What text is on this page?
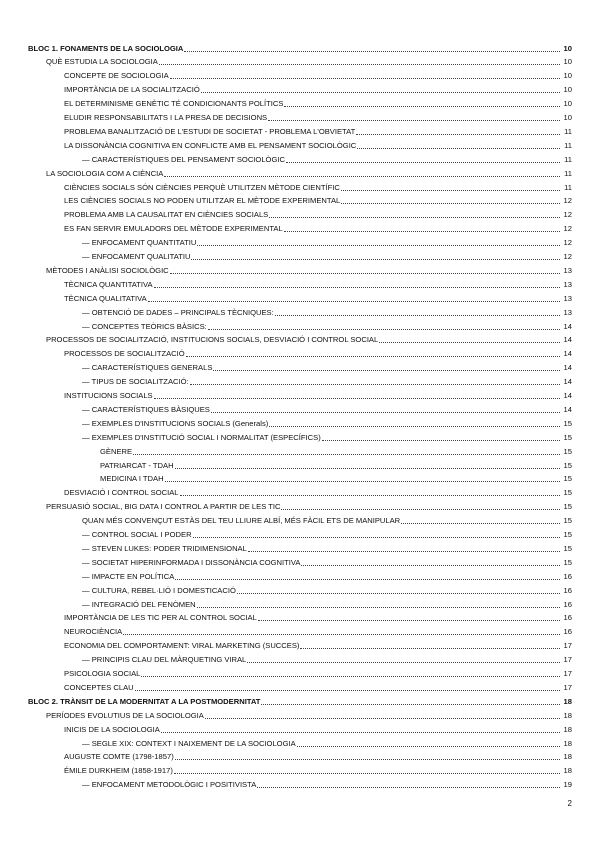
BLOC 1. FONAMENTS DE LA SOCIOLOGIA	10
QUÈ ESTUDIA LA SOCIOLOGIA	10
CONCEPTE DE SOCIOLOGIA	10
IMPORTÀNCIA DE LA SOCIALITZACIÓ	10
EL DETERMINISME GENÈTIC TÉ CONDICIONANTS POLÍTICS	10
ELUDIR RESPONSABILITATS I LA PRESA DE DECISIONS	10
PROBLEMA BANALITZACIÓ DE L'ESTUDI DE SOCIETAT - PROBLEMA L'OBVIETAT	11
LA DISSONÀNCIA COGNITIVA EN CONFLICTE AMB EL PENSAMENT SOCIOLÒGIC	11
— CARACTERÍSTIQUES DEL PENSAMENT SOCIOLÒGIC	11
LA SOCIOLOGIA COM A CIÈNCIA	11
CIÈNCIES SOCIALS SÓN CIÈNCIES PERQUÈ UTILITZEN MÈTODE CIENTÍFIC	11
LES CIÈNCIES SOCIALS NO PODEN UTILITZAR EL MÈTODE EXPERIMENTAL	12
PROBLEMA AMB LA CAUSALITAT EN CIÈNCIES SOCIALS	12
ES FAN SERVIR EMULADORS DEL MÈTODE EXPERIMENTAL	12
— ENFOCAMENT QUANTITATIU	12
— ENFOCAMENT QUALITATIU	12
MÈTODES I ANÀLISI SOCIOLÒGIC	13
TÈCNICA QUANTITATIVA	13
TÈCNICA QUALITATIVA	13
— OBTENCIÓ DE DADES – PRINCIPALS TÈCNIQUES:	13
— CONCEPTES TEÒRICS BÀSICS:	14
PROCESSOS DE SOCIALITZACIÓ, INSTITUCIONS SOCIALS, DESVIACIÓ I CONTROL SOCIAL	14
PROCESSOS DE SOCIALITZACIÓ	14
— CARACTERÍSTIQUES GENERALS	14
— TIPUS DE SOCIALITZACIÓ:	14
INSTITUCIONS SOCIALS	14
— CARACTERÍSTIQUES BÀSIQUES	14
— EXEMPLES D'INSTITUCIONS SOCIALS (Generals)	15
— EXEMPLES D'INSTITUCIÓ SOCIAL I NORMALITAT (ESPECÍFICS)	15
GÈNERE	15
PATRIARCAT - TDAH	15
MEDICINA I TDAH	15
DESVIACIÓ I CONTROL SOCIAL	15
PERSUASIÓ SOCIAL, BIG DATA I CONTROL A PARTIR DE LES TIC	15
QUAN MÉS CONVENÇUT ESTÀS DEL TEU LLIURE ALBÍ, MÉS FÀCIL ETS DE MANIPULAR	15
— CONTROL SOCIAL I PODER	15
— STEVEN LUKES: PODER TRIDIMENSIONAL	15
— SOCIETAT HIPERINFORMADA I DISSONÀNCIA COGNITIVA	15
— IMPACTE EN POLÍTICA	16
— CULTURA, REBEL·LIÓ I DOMESTICACIÓ	16
— INTEGRACIÓ DEL FENÒMEN	16
IMPORTÀNCIA DE LES TIC PER AL CONTROL SOCIAL	16
NEUROCIÈNCIA	16
ECONOMIA DEL COMPORTAMENT: VIRAL MARKETING (SUCCES)	17
— PRINCIPIS CLAU DEL MÀRQUETING VIRAL	17
PSICOLOGIA SOCIAL	17
CONCEPTES CLAU	17
BLOC 2. TRÀNSIT DE LA MODERNITAT A LA POSTMODERNITAT	18
PERÍODES EVOLUTIUS DE LA SOCIOLOGIA	18
INICIS DE LA SOCIOLOGIA	18
— SEGLE XIX: CONTEXT I NAIXEMENT DE LA SOCIOLOGIA	18
AUGUSTE COMTE (1798-1857)	18
ÉMILE DURKHEIM (1858-1917)	18
— ENFOCAMENT METODOLÒGIC I POSITIVISTA	19
2
